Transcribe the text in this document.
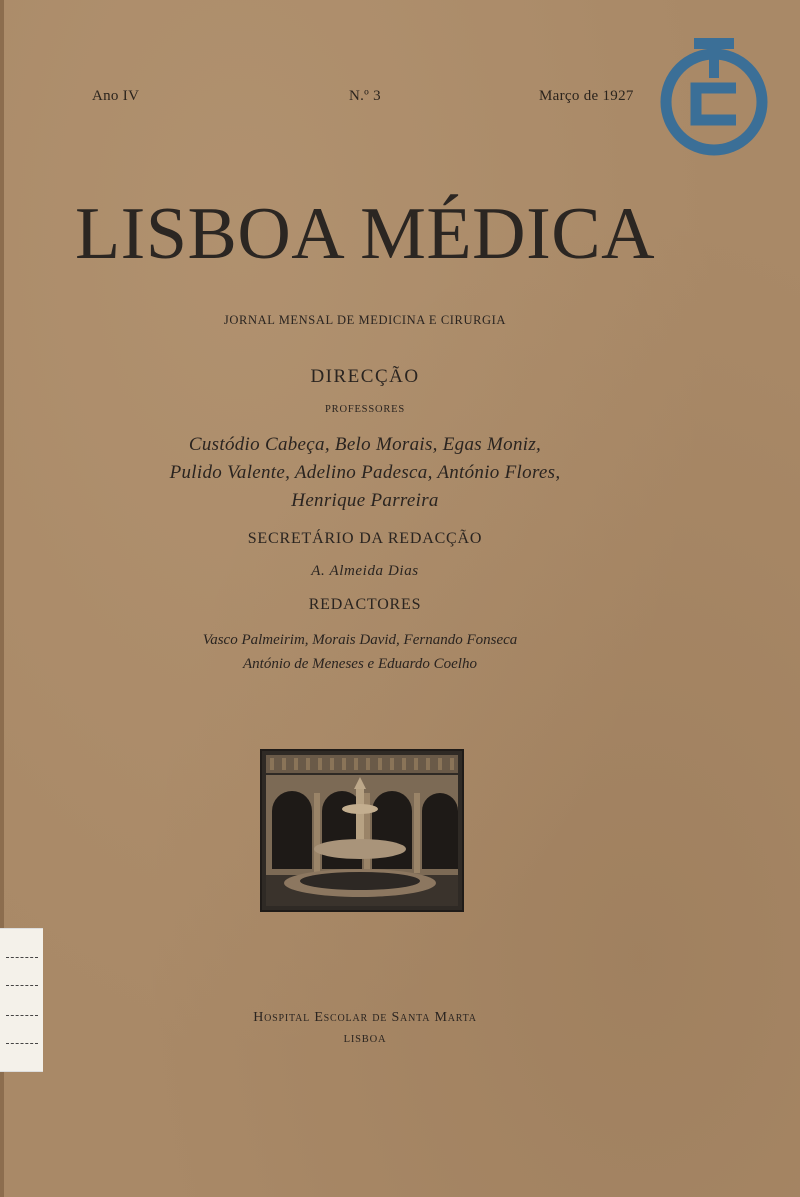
Ano IV	N.º 3	Março de 1927
LISBOA MÉDICA
JORNAL MENSAL DE MEDICINA E CIRURGIA
DIRECÇÃO
PROFESSORES
Custódio Cabeça, Belo Morais, Egas Moniz,
Pulido Valente, Adelino Padesca, António Flores,
Henrique Parreira
SECRETÁRIO DA REDACÇÃO
A. Almeida Dias
REDACTORES
Vasco Palmeirim, Morais David, Fernando Fonseca
António de Meneses e Eduardo Coelho
Hospital Escolar de Santa Marta
LISBOA
